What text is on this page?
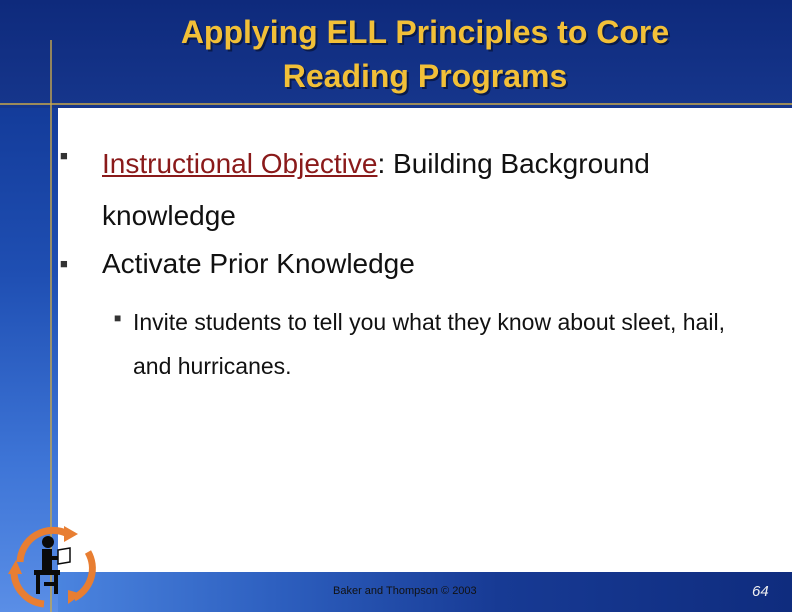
Applying ELL Principles to Core
Reading Programs
■ Instructional Objective: Building Background knowledge
■ Activate Prior Knowledge
■ Invite students to tell you what they know about sleet, hail, and hurricanes.
Baker and Thompson © 2003	64
